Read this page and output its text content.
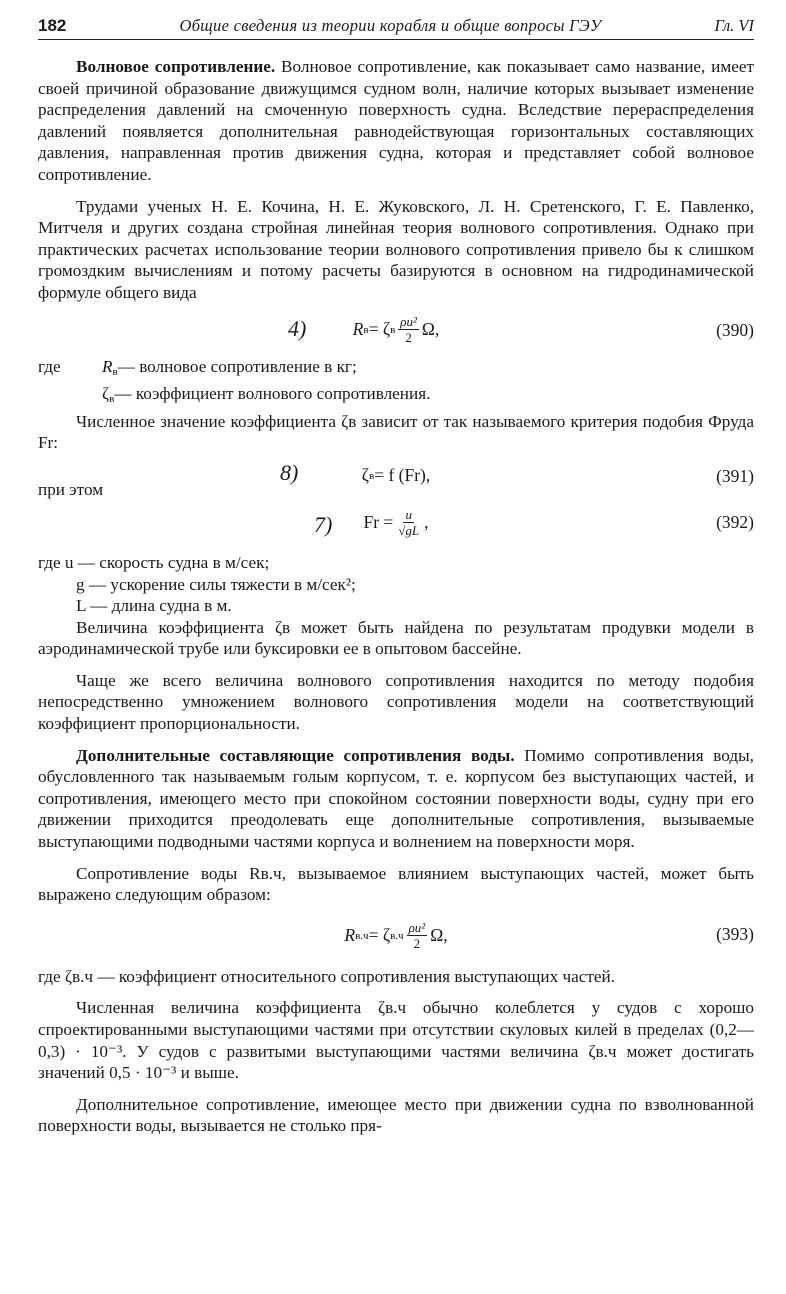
182	Общие сведения из теории корабля и общие вопросы ГЭУ	Гл. VI

Волновое сопротивление. Волновое сопротивление, как показывает само название, имеет своей причиной образование движущимся судном волн, наличие которых вызывает изменение распределения давлений на смоченную поверхность судна. Вследствие перераспределения давлений появляется дополнительная равнодействующая горизонтальных составляющих давления, направленная против движения судна, которая и представляет собой волновое сопротивление.

Трудами ученых Н. Е. Кочина, Н. Е. Жуковского, Л. Н. Сретенского, Г. Е. Павленко, Митчеля и других создана стройная линейная теория волнового сопротивления. Однако при практических расчетах использование теории волнового сопротивления привело бы к слишком громоздким вычислениям и потому расчеты базируются в основном на гидродинамической формуле общего вида

4)	R в = ζ в $\frac{\text{ρu²}}{2} \Omega$,	(390)
где	$R_в—$ волновое сопротивление в кг;
$\zeta_в—$ коэффициент волнового сопротивления.

Численное значение коэффициента ζв зависит от так называемого критерия подобия Фруда Fr:

при этом
8)	ζ в = f (Fr),	(391)
7) $Fr = \frac{u}{√gL}$ ,	(392)
где u — скорость судна в м/сек;
g — ускорение силы тяжести в м/сек²;
L — длина судна в м.

Величина коэффициента ζв может быть найдена по результатам продувки модели в аэродинамической трубе или буксировки ее в опытовом бассейне.

Чаще же всего величина волнового сопротивления находится по методу подобия непосредственно умножением волнового сопротивления модели на соответствующий коэффициент пропорциональности.

Дополнительные составляющие сопротивления воды. Помимо сопротивления воды, обусловленного так называемым голым корпусом, т. е. корпусом без выступающих частей, и сопротивления, имеющего место при спокойном состоянии поверхности воды, судну при его движении приходится преодолевать еще дополнительные сопротивления, вызываемые выступающими подводными частями корпуса и волнением на поверхности моря.

Сопротивление воды Rв.ч, вызываемое влиянием выступающих частей, может быть выражено следующим образом:

R в.ч = ζ $в.ч \frac{\text{ρu²}}{2} \Omega$,	(393)

где ζв.ч — коэффициент относительного сопротивления выступающих частей.

Численная величина коэффициента ζв.ч обычно колеблется у судов с хорошо спроектированными выступающими частями при отсутствии скуловых килей в пределах (0,2—0,3) · 10⁻³. У судов с развитыми выступающими частями величина ζв.ч может достигать значений 0,5 · 10⁻³ и выше.

Дополнительное сопротивление, имеющее место при движении судна по взволнованной поверхности воды, вызывается не столько пря-
